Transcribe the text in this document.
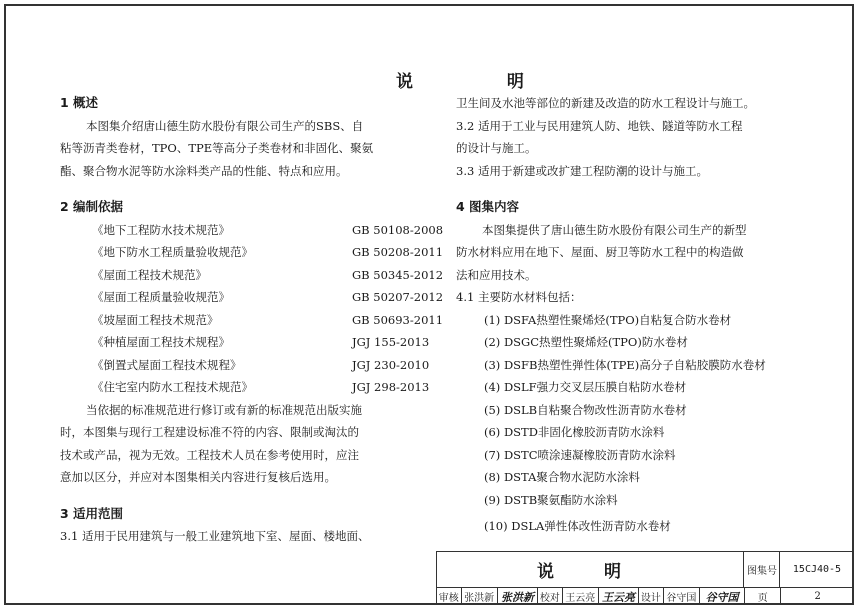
说 明

1 概述

本图集介绍唐山德生防水股份有限公司生产的SBS、自

粘等沥青类卷材，TPO、TPE等高分子类卷材和非固化、聚氨

酯、聚合物水泥等防水涂料类产品的性能、特点和应用。

2 编制依据

《地下工程防水技术规范》	GB 50108-2008
《地下防水工程质量验收规范》	GB 50208-2011
《屋面工程技术规范》	GB 50345-2012
《屋面工程质量验收规范》	GB 50207-2012
《坡屋面工程技术规范》	GB 50693-2011
《种植屋面工程技术规程》	JGJ 155-2013
《倒置式屋面工程技术规程》	JGJ 230-2010
《住宅室内防水工程技术规范》	JGJ 298-2013

当依据的标准规范进行修订或有新的标准规范出版实施

时，本图集与现行工程建设标准不符的内容、限制或淘汰的

技术或产品，视为无效。工程技术人员在参考使用时，应注

意加以区分，并应对本图集相关内容进行复核后选用。

3 适用范围

3.1 适用于民用建筑与一般工业建筑地下室、屋面、楼地面、

卫生间及水池等部位的新建及改造的防水工程设计与施工。

3.2 适用于工业与民用建筑人防、地铁、隧道等防水工程

的设计与施工。

3.3 适用于新建或改扩建工程防潮的设计与施工。

4 图集内容

本图集提供了唐山德生防水股份有限公司生产的新型

防水材料应用在地下、屋面、厨卫等防水工程中的构造做

法和应用技术。

4.1 主要防水材料包括：

(1) DSFA热塑性聚烯烃(TPO)自粘复合防水卷材

(2) DSGC热塑性聚烯烃(TPO)防水卷材

(3) DSFB热塑性弹性体(TPE)高分子自粘胶膜防水卷材

(4) DSLF强力交叉层压膜自粘防水卷材

(5) DSLB自粘聚合物改性沥青防水卷材

(6) DSTD非固化橡胶沥青防水涂料

(7) DSTC喷涂速凝橡胶沥青防水涂料

(8) DSTA聚合物水泥防水涂料

(9) DSTB聚氨酯防水涂料

(10) DSLA弹性体改性沥青防水卷材

说 明	图集号	15CJ40-5
审核 张洪新 张洪新 校对 王云亮 王云亮 设计 谷守国 谷守国	页	2
